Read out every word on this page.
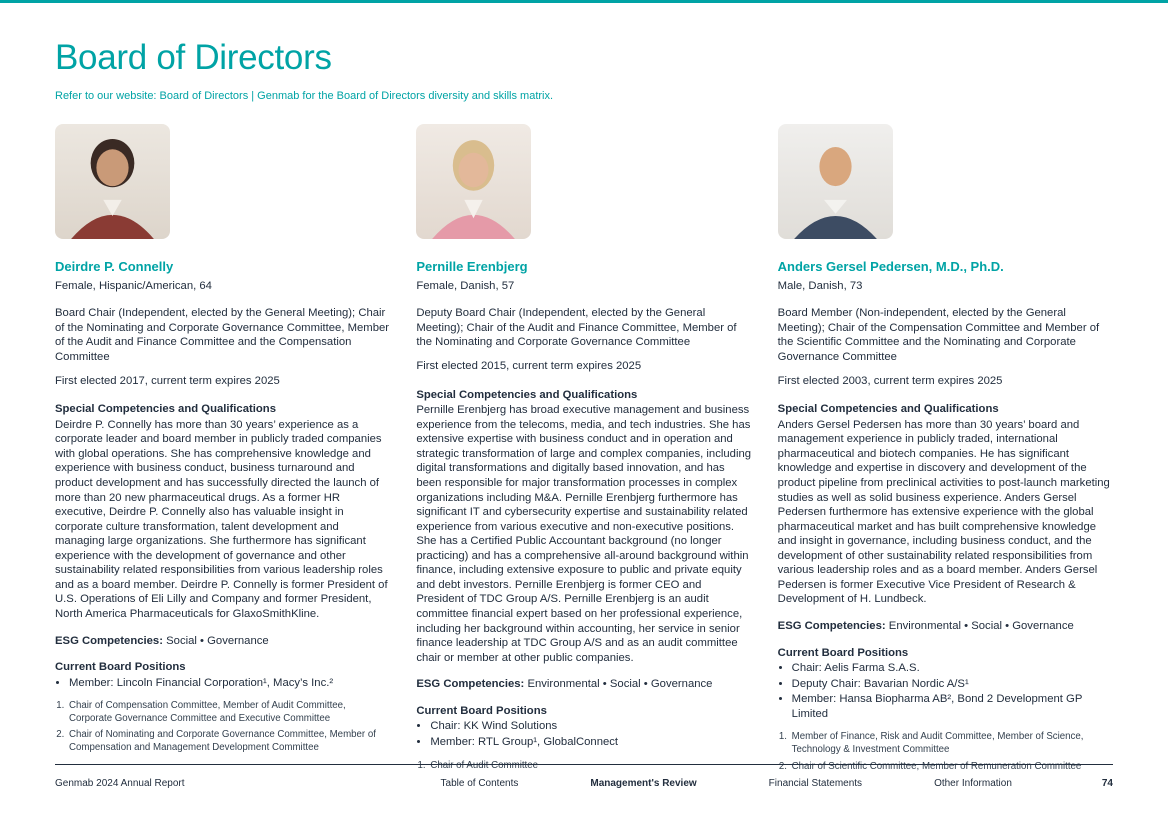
Board of Directors
Refer to our website: Board of Directors | Genmab for the Board of Directors diversity and skills matrix.
Deirdre P. Connelly
Female, Hispanic/American, 64

Board Chair (Independent, elected by the General Meeting); Chair of the Nominating and Corporate Governance Committee, Member of the Audit and Finance Committee and the Compensation Committee

First elected 2017, current term expires 2025

Special Competencies and Qualifications

Deirdre P. Connelly has more than 30 years’ experience as a corporate leader and board member in publicly traded companies with global operations. She has comprehensive knowledge and experience with business conduct, business turnaround and product development and has successfully directed the launch of more than 20 new pharmaceutical drugs. As a former HR executive, Deirdre P. Connelly also has valuable insight in corporate culture transformation, talent development and managing large organizations. She furthermore has significant experience with the development of governance and other sustainability related responsibilities from various leadership roles and as a board member. Deirdre P. Connelly is former President of U.S. Operations of Eli Lilly and Company and former President, North America Pharmaceuticals for GlaxoSmithKline.

ESG Competencies: Social • Governance

Current Board Positions
• Member: Lincoln Financial Corporation¹, Macy’s Inc.²
1. Chair of Compensation Committee, Member of Audit Committee, Corporate Governance Committee and Executive Committee
2. Chair of Nominating and Corporate Governance Committee, Member of Compensation and Management Development Committee
Pernille Erenbjerg
Female, Danish, 57

Deputy Board Chair (Independent, elected by the General Meeting); Chair of the Audit and Finance Committee, Member of the Nominating and Corporate Governance Committee

First elected 2015, current term expires 2025

Special Competencies and Qualifications

Pernille Erenbjerg has broad executive management and business experience from the telecoms, media, and tech industries. She has extensive expertise with business conduct and in operation and strategic transformation of large and complex companies, including digital transformations and digitally based innovation, and has been responsible for major transformation processes in complex organizations including M&A. Pernille Erenbjerg furthermore has significant IT and cybersecurity expertise and sustainability related experience from various executive and non-executive positions. She has a Certified Public Accountant background (no longer practicing) and has a comprehensive all-around background within finance, including extensive exposure to public and private equity and debt investors. Pernille Erenbjerg is former CEO and President of TDC Group A/S. Pernille Erenbjerg is an audit committee financial expert based on her professional experience, including her background within accounting, her service in senior finance leadership at TDC Group A/S and as an audit committee chair or member at other public companies.

ESG Competencies: Environmental • Social • Governance

Current Board Positions
• Chair: KK Wind Solutions
• Member: RTL Group¹, GlobalConnect
1. Chair of Audit Committee
Anders Gersel Pedersen, M.D., Ph.D.
Male, Danish, 73

Board Member (Non-independent, elected by the General Meeting); Chair of the Compensation Committee and Member of the Scientific Committee and the Nominating and Corporate Governance Committee

First elected 2003, current term expires 2025

Special Competencies and Qualifications

Anders Gersel Pedersen has more than 30 years’ board and management experience in publicly traded, international pharmaceutical and biotech companies. He has significant knowledge and expertise in discovery and development of the product pipeline from preclinical activities to post-launch marketing studies as well as solid business experience. Anders Gersel Pedersen furthermore has extensive experience with the global pharmaceutical market and has built comprehensive knowledge and insight in governance, including business conduct, and the development of other sustainability related responsibilities from various leadership roles and as a board member. Anders Gersel Pedersen is former Executive Vice President of Research & Development of H. Lundbeck.

ESG Competencies: Environmental • Social • Governance

Current Board Positions
• Chair: Aelis Farma S.A.S.
• Deputy Chair: Bavarian Nordic A/S¹
• Member: Hansa Biopharma AB², Bond 2 Development GP Limited
1. Member of Finance, Risk and Audit Committee, Member of Science, Technology & Investment Committee
2. Chair of Scientific Committee, Member of Remuneration Committee
Genmab 2024 Annual Report	Table of Contents	Management's Review	Financial Statements	Other Information	74
